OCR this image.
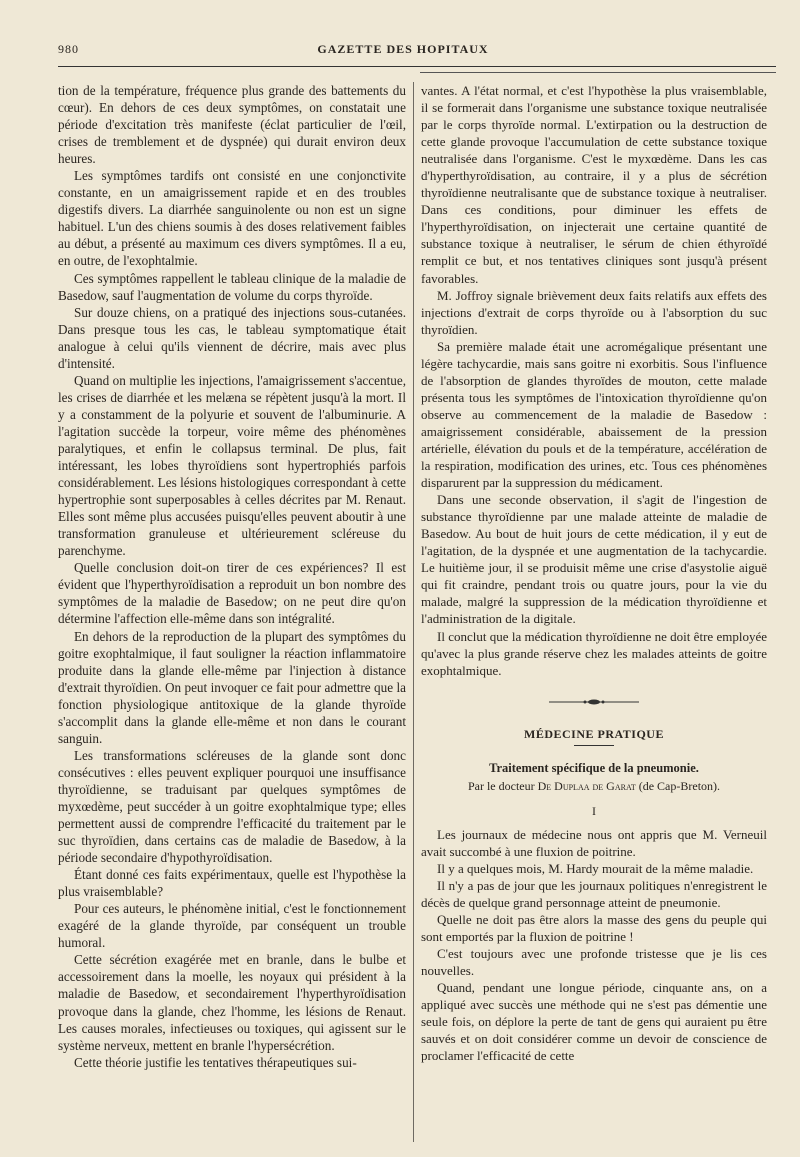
980	GAZETTE DES HOPITAUX

tion de la température, fréquence plus grande des battements du cœur). En dehors de ces deux symptômes, on constatait une période d'excitation très manifeste (éclat particulier de l'œil, crises de tremblement et de dyspnée) qui durait environ deux heures.

Les symptômes tardifs ont consisté en une conjonctivite constante, en un amaigrissement rapide et en des troubles digestifs divers. La diarrhée sanguinolente ou non est un signe habituel. L'un des chiens soumis à des doses relativement faibles au début, a présenté au maximum ces divers symptômes. Il a eu, en outre, de l'exophtalmie.

Ces symptômes rappellent le tableau clinique de la maladie de Basedow, sauf l'augmentation de volume du corps thyroïde.

Sur douze chiens, on a pratiqué des injections sous-cutanées. Dans presque tous les cas, le tableau symptomatique était analogue à celui qu'ils viennent de décrire, mais avec plus d'intensité.

Quand on multiplie les injections, l'amaigrissement s'accentue, les crises de diarrhée et les melæna se répètent jusqu'à la mort. Il y a constamment de la polyurie et souvent de l'albuminurie. A l'agitation succède la torpeur, voire même des phénomènes paralytiques, et enfin le collapsus terminal. De plus, fait intéressant, les lobes thyroïdiens sont hypertrophiés parfois considérablement. Les lésions histologiques correspondant à cette hypertrophie sont superposables à celles décrites par M. Renaut. Elles sont même plus accusées puisqu'elles peuvent aboutir à une transformation granuleuse et ultérieurement scléreuse du parenchyme.

Quelle conclusion doit-on tirer de ces expériences? Il est évident que l'hyperthyroïdisation a reproduit un bon nombre des symptômes de la maladie de Basedow; on ne peut dire qu'on détermine l'affection elle-même dans son intégralité.

En dehors de la reproduction de la plupart des symptômes du goitre exophtalmique, il faut souligner la réaction inflammatoire produite dans la glande elle-même par l'injection à distance d'extrait thyroïdien. On peut invoquer ce fait pour admettre que la fonction physiologique antitoxique de la glande thyroïde s'accomplit dans la glande elle-même et non dans le courant sanguin.

Les transformations scléreuses de la glande sont donc consécutives : elles peuvent expliquer pourquoi une insuffisance thyroïdienne, se traduisant par quelques symptômes de myxœdème, peut succéder à un goitre exophtalmique type; elles permettent aussi de comprendre l'efficacité du traitement par le suc thyroïdien, dans certains cas de maladie de Basedow, à la période secondaire d'hypothyroïdisation.

Étant donné ces faits expérimentaux, quelle est l'hypothèse la plus vraisemblable?

Pour ces auteurs, le phénomène initial, c'est le fonctionnement exagéré de la glande thyroïde, par conséquent un trouble humoral.

Cette sécrétion exagérée met en branle, dans le bulbe et accessoirement dans la moelle, les noyaux qui président à la maladie de Basedow, et secondairement l'hyperthyroïdisation provoque dans la glande, chez l'homme, les lésions de Renaut. Les causes morales, infectieuses ou toxiques, qui agissent sur le système nerveux, mettent en branle l'hypersécrétion.

Cette théorie justifie les tentatives thérapeutiques sui-

vantes. A l'état normal, et c'est l'hypothèse la plus vraisemblable, il se formerait dans l'organisme une substance toxique neutralisée par le corps thyroïde normal. L'extirpation ou la destruction de cette glande provoque l'accumulation de cette substance toxique neutralisée dans l'organisme. C'est le myxœdème. Dans les cas d'hyperthyroïdisation, au contraire, il y a plus de sécrétion thyroïdienne neutralisante que de substance toxique à neutraliser. Dans ces conditions, pour diminuer les effets de l'hyperthyroïdisation, on injecterait une certaine quantité de substance toxique à neutraliser, le sérum de chien éthyroïdé remplit ce but, et nos tentatives cliniques sont jusqu'à présent favorables.

M. Joffroy signale brièvement deux faits relatifs aux effets des injections d'extrait de corps thyroïde ou à l'absorption du suc thyroïdien.

Sa première malade était une acromégalique présentant une légère tachycardie, mais sans goitre ni exorbitis. Sous l'influence de l'absorption de glandes thyroïdes de mouton, cette malade présenta tous les symptômes de l'intoxication thyroïdienne qu'on observe au commencement de la maladie de Basedow : amaigrissement considérable, abaissement de la pression artérielle, élévation du pouls et de la température, accélération de la respiration, modification des urines, etc. Tous ces phénomènes disparurent par la suppression du médicament.

Dans une seconde observation, il s'agit de l'ingestion de substance thyroïdienne par une malade atteinte de maladie de Basedow. Au bout de huit jours de cette médication, il y eut de l'agitation, de la dyspnée et une augmentation de la tachycardie. Le huitième jour, il se produisit même une crise d'asystolie aiguë qui fit craindre, pendant trois ou quatre jours, pour la vie du malade, malgré la suppression de la médication thyroïdienne et l'administration de la digitale.

Il conclut que la médication thyroïdienne ne doit être employée qu'avec la plus grande réserve chez les malades atteints de goitre exophtalmique.

MÉDECINE PRATIQUE
Traitement spécifique de la pneumonie.
Par le docteur De Duplaa de Garat (de Cap-Breton).
I

Les journaux de médecine nous ont appris que M. Verneuil avait succombé à une fluxion de poitrine.

Il y a quelques mois, M. Hardy mourait de la même maladie.

Il n'y a pas de jour que les journaux politiques n'enregistrent le décès de quelque grand personnage atteint de pneumonie.

Quelle ne doit pas être alors la masse des gens du peuple qui sont emportés par la fluxion de poitrine !

C'est toujours avec une profonde tristesse que je lis ces nouvelles.

Quand, pendant une longue période, cinquante ans, on a appliqué avec succès une méthode qui ne s'est pas démentie une seule fois, on déplore la perte de tant de gens qui auraient pu être sauvés et on doit considérer comme un devoir de conscience de proclamer l'efficacité de cette
